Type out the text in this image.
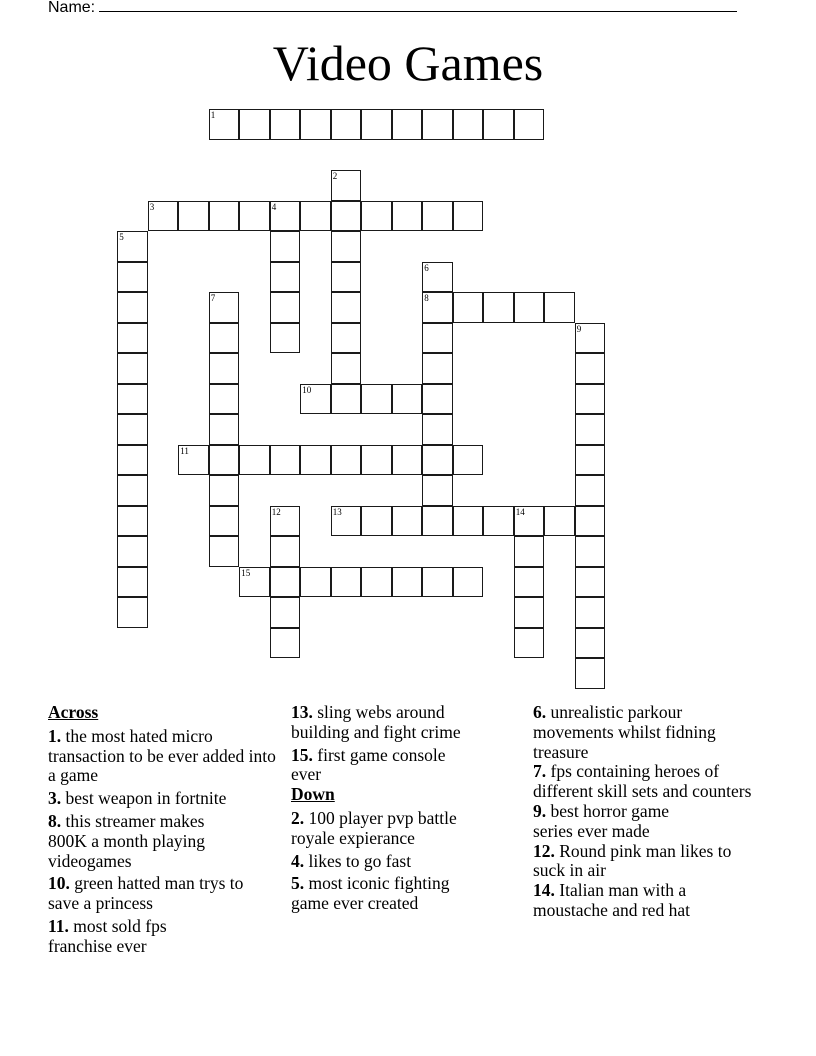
Name:
Video Games
1
2
3	4
5
6
8
7
9
10
11
12	13	14
15
Across
1. the most hated micro transaction to be ever added into a game
3. best weapon in fortnite
8. this streamer makes 800K a month playing videogames
10. green hatted man trys to save a princess
11. most sold fps franchise ever
13. sling webs around building and fight crime
15. first game console ever
Down
2. 100 player pvp battle royale expierance
4. likes to go fast
5. most iconic fighting game ever created
6. unrealistic parkour movements whilst fidning treasure
7. fps containing heroes of different skill sets and counters
9. best horror game series ever made
12. Round pink man likes to suck in air
14. Italian man with a moustache and red hat
